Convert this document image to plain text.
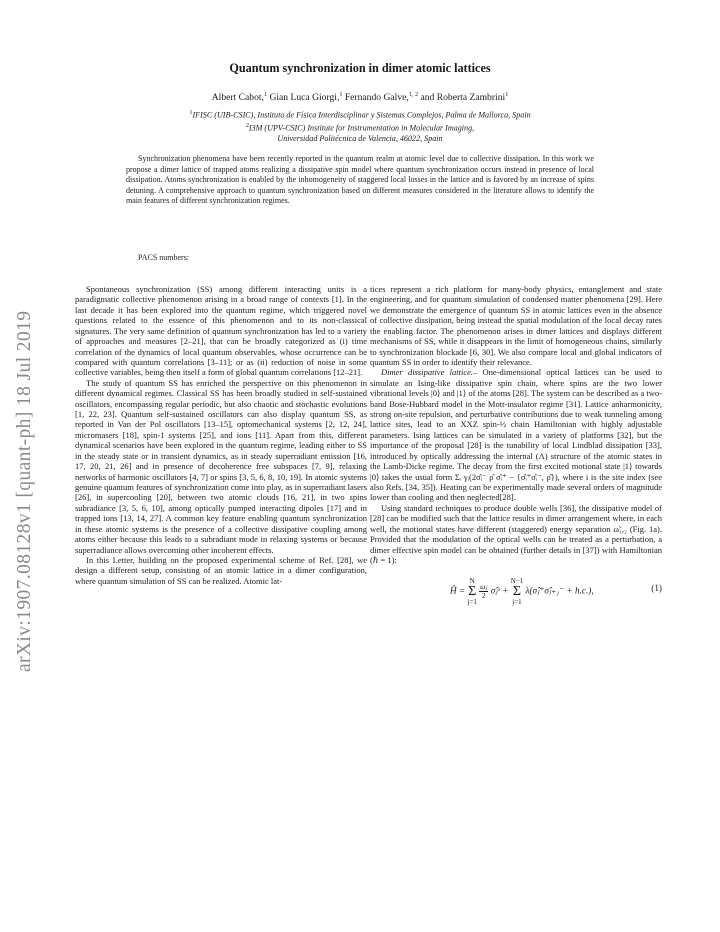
arXiv:1907.08128v1 [quant-ph] 18 Jul 2019
Quantum synchronization in dimer atomic lattices
Albert Cabot,$^1$ Gian Luca Giorgi,$^1$ Fernando Galve,$^{1, 2}$ and Roberta Zambrini$^1$
$^1$IFISC (UIB-CSIC), Instituto de Física Interdisciplinar y Sistemas Complejos, Palma de Mallorca, Spain
$^2$I3M (UPV-CSIC) Institute for Instrumentation in Molecular Imaging,
Universidad Politécnica de Valencia, 46022, Spain

Synchronization phenomena have been recently reported in the quantum realm at atomic level due to collective dissipation. In this work we propose a dimer lattice of trapped atoms realizing a dissipative spin model where quantum synchronization occurs instead in presence of local dissipation. Atoms synchronization is enabled by the inhomogeneity of staggered local losses in the lattice and is favored by an increase of spins detuning. A comprehensive approach to quantum synchronization based on different measures considered in the literature allows to identify the main features of different synchronization regimes.

PACS numbers:

Spontaneous synchronization (SS) among different interacting units is a paradigmatic collective phenomenon arising in a broad range of contexts [1]. In the last decade it has been explored into the quantum regime, which triggered novel questions related to the essence of this phenomenon and to its non-classical signatures. The very same definition of quantum synchronization has led to a variety of approaches and measures [2–21], that can be broadly categorized as (i) time correlation of the dynamics of local quantum observables, whose occurrence can be compared with quantum correlations [3–11]; or as (ii) reduction of noise in some collective variables, being then itself a form of global quantum correlations [12–21].

The study of quantum SS has enriched the perspective on this phenomenon in different dynamical regimes. Classical SS has been broadly studied in self-sustained oscillators, encompassing regular periodic, but also chaotic and stochastic evolutions [1, 22, 23]. Quantum self-sustained oscillators can also display quantum SS, as reported in Van der Pol oscillators [13–15], optomechanical systems [2, 12, 24], micromasers [18], spin-1 systems [25], and ions [11]. Apart from this, different dynamical scenarios have been explored in the quantum regime, leading either to SS in the steady state or in transient dynamics, as in steady superradiant emission [16, 17, 20, 21, 26] and in presence of decoherence free subspaces [7, 9], relaxing networks of harmonic oscillators [4, 7] or spins [3, 5, 6, 8, 10, 19]. In atomic systems genuine quantum features of synchronization come into play, as in superradiant lasers [26], in supercooling [20], between two atomic clouds [16, 21], in two spins subradiance [3, 5, 6, 10], among optically pumped interacting dipoles [17] and in trapped ions [13, 14, 27]. A common key feature enabling quantum synchronization in these atomic systems is the presence of a collective dissipative coupling among atoms either because this leads to a subradiant mode in relaxing systems or because superradiance allows overcoming other incoherent effects.

In this Letter, building on the proposed experimental scheme of Ref. [28], we design a different setup, consisting of an atomic lattice in a dimer configuration, where quantum simulation of SS can be realized. Atomic lat-

tices represent a rich platform for many-body physics, entanglement and state engineering, and for quantum simulation of condensed matter phenomena [29]. Here we demonstrate the emergence of quantum SS in atomic lattices even in the absence of collective dissipation, being instead the spatial modulation of the local decay rates the enabling factor. The phenomenon arises in dimer lattices and displays different mechanisms of SS, while it disappears in the limit of homogeneous chains, similarly to synchronization blockade [6, 30]. We also compare local and global indicators of quantum SS in order to identify their relevance.

Dimer dissipative lattice.– One-dimensional optical lattices can be used to simulate an Ising-like dissipative spin chain, where spins are the two lower vibrational levels |0⟩ and |1⟩ of the atoms [28]. The system can be described as a two-band Bose-Hubbard model in the Mott-insulator regime [31]. Lattice anharmonicity, strong on-site repulsion, and perturbative contributions due to weak tunneling among lattice sites, lead to an XXZ spin-½ chain Hamiltonian with highly adjustable parameters. Ising lattices can be simulated in a variety of platforms [32], but the importance of the proposal [28] is the tunability of local Lindblad dissipation [33], introduced by optically addressing the internal (Λ) structure of the atomic states in the Lamb-Dicke regime. The decay from the first excited motional state |1⟩ towards |0⟩ takes the usual form Σᵢ γᵢ(2σ̂ᵢ⁻ ρ̂ σ̂ᵢ⁺ − {σ̂ᵢ⁺σ̂ᵢ⁻, ρ̂}), where i is the site index (see also Refs. [34, 35]). Heating can be experimentally made several orders of magnitude lower than cooling and then neglected[28].

Using standard techniques to produce double wells [36], the dissipative model of [28] can be modified such that the lattice results in dimer arrangement where, in each well, the motional states have different (staggered) energy separation ω̃₁,₂ (Fig. 1a). Provided that the modulation of the optical wells can be treated as a perturbation, a dimer effective spin model can be obtained (further details in [37]) with Hamiltonian (ℏ = 1):

Ĥ = N
Σ
j=1
$\frac{\text{ωⱼ}}{2}$ σ̂ⱼᶻ + N−1
Σ
j=1 λ(σ̂ⱼ⁺σ̂ⱼ₊₁⁻ + h.c.),	(1)
